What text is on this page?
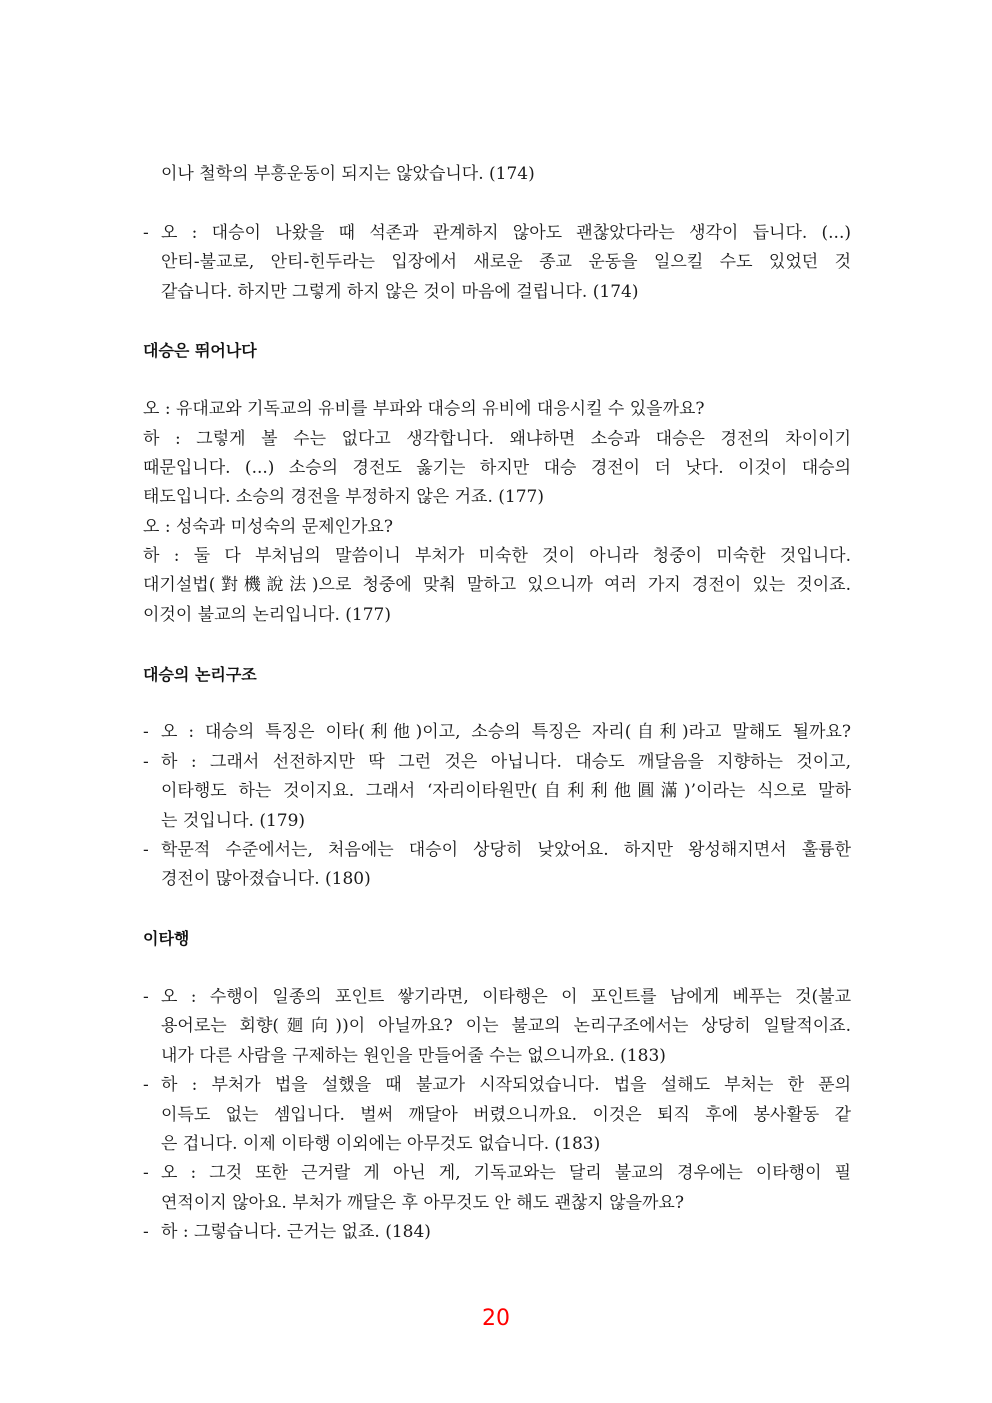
이나 철학의 부흥운동이 되지는 않았습니다. (174)
- 오 : 대승이 나왔을 때 석존과 관계하지 않아도 괜찮았다라는 생각이 듭니다. (...)
안티-불교로, 안티-힌두라는 입장에서 새로운 종교 운동을 일으킬 수도 있었던 것
같습니다. 하지만 그렇게 하지 않은 것이 마음에 걸립니다. (174)
대승은 뛰어나다
오 : 유대교와 기독교의 유비를 부파와 대승의 유비에 대응시킬 수 있을까요?
하 : 그렇게 볼 수는 없다고 생각합니다. 왜냐하면 소승과 대승은 경전의 차이이기
때문입니다. (...) 소승의 경전도 옳기는 하지만 대승 경전이 더 낫다. 이것이 대승의
태도입니다. 소승의 경전을 부정하지 않은 거죠. (177)
오 : 성숙과 미성숙의 문제인가요?
하 : 둘 다 부처님의 말씀이니 부처가 미숙한 것이 아니라 청중이 미숙한 것입니다.
대기설법(對機說法)으로 청중에 맞춰 말하고 있으니까 여러 가지 경전이 있는 것이죠.
이것이 불교의 논리입니다. (177)
대승의 논리구조
- 오 : 대승의 특징은 이타(利他)이고, 소승의 특징은 자리(自利)라고 말해도 될까요?
- 하 : 그래서 선전하지만 딱 그런 것은 아닙니다. 대승도 깨달음을 지향하는 것이고,
이타행도 하는 것이지요. 그래서 ‘자리이타원만(自利利他圓滿)’이라는 식으로 말하
는 것입니다. (179)
- 학문적 수준에서는, 처음에는 대승이 상당히 낮았어요. 하지만 왕성해지면서 훌륭한
경전이 많아졌습니다. (180)
이타행
- 오 : 수행이 일종의 포인트 쌓기라면, 이타행은 이 포인트를 남에게 베푸는 것(불교
용어로는 회향(廻向))이 아닐까요? 이는 불교의 논리구조에서는 상당히 일탈적이죠.
내가 다른 사람을 구제하는 원인을 만들어줄 수는 없으니까요. (183)
- 하 : 부처가 법을 설했을 때 불교가 시작되었습니다. 법을 설해도 부처는 한 푼의
이득도 없는 셈입니다. 벌써 깨달아 버렸으니까요. 이것은 퇴직 후에 봉사활동 같
은 겁니다. 이제 이타행 이외에는 아무것도 없습니다. (183)
- 오 : 그것 또한 근거랄 게 아닌 게, 기독교와는 달리 불교의 경우에는 이타행이 필
연적이지 않아요. 부처가 깨달은 후 아무것도 안 해도 괜찮지 않을까요?
- 하 : 그렇습니다. 근거는 없죠. (184)
20
